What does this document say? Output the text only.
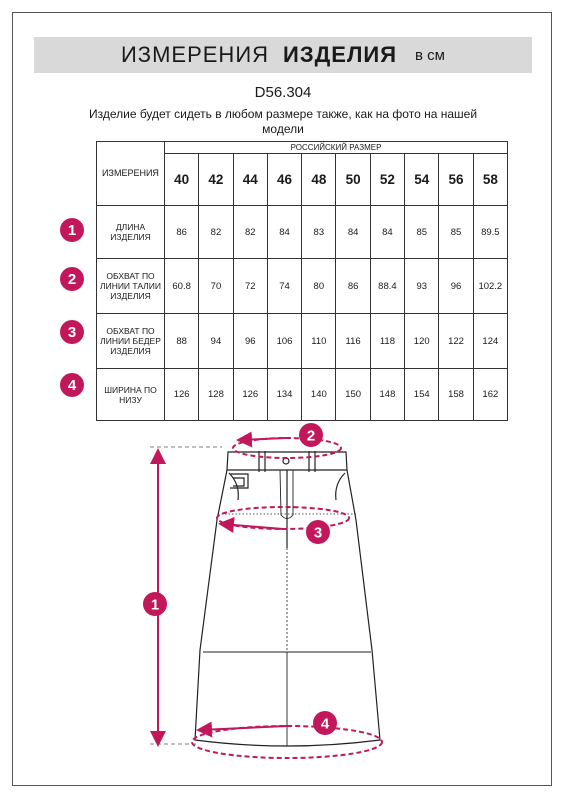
ИЗМЕРЕНИЯ ИЗДЕЛИЯ в см
D56.304
Изделие будет сидеть в любом размере также, как на фото на нашей модели
ИЗМЕРЕНИЯ	РОССИЙСКИЙ РАЗМЕР									
	40	42	44	46	48	50	52	54	56	58
ДЛИНА ИЗДЕЛИЯ	86	82	82	84	83	84	84	85	85	89.5
ОБХВАТ ПО ЛИНИИ ТАЛИИ ИЗДЕЛИЯ	60.8	70	72	74	80	86	88.4	93	96	102.2
ОБХВАТ ПО ЛИНИИ БЕДЕР ИЗДЕЛИЯ	88	94	96	106	110	116	118	120	122	124
ШИРИНА ПО НИЗУ	126	128	126	134	140	150	148	154	158	162
1
2
3
4
1
2
3
4
